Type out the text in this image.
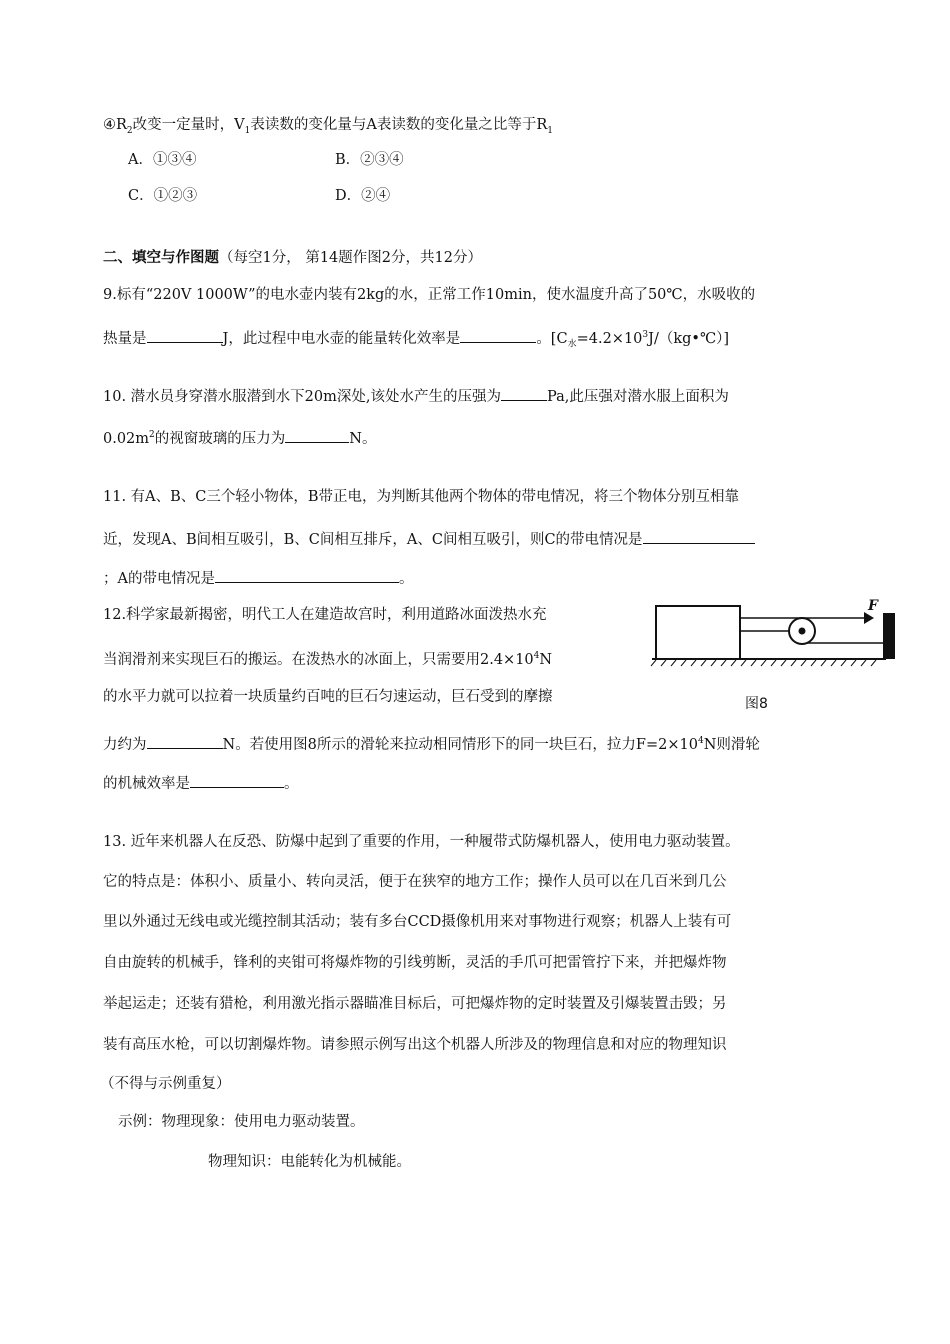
$④R_2$改变一定量时，$V_1$表读数的变化量与A表读数的变化量之比等于$R_1$
A．①③④	B．②③④
C．①②③	D．②④
二、填空与作图题（每空1分， 第14题作图2分，共12分）
9.标有“220V 1000W”的电水壶内装有2kg的水，正常工作10min，使水温度升高了50℃，水吸收的
热量是	J，此过程中电水壶的能量转化效率是	。$[C_水=4.2\times 10^3J/(kg•℃)]$
10. 潜水员身穿潜水服潜到水下20m深处,该处水产生的压强为	Pa,此压强对潜水服上面积为
$0.02m^2$的视窗玻璃的压力为	N。
11. 有A、B、C三个轻小物体，B带正电，为判断其他两个物体的带电情况，将三个物体分别互相靠
近，发现A、B间相互吸引，B、C间相互排斥，A、C间相互吸引，则C的带电情况是
；A的带电情况是	。
12.科学家最新揭密，明代工人在建造故宫时，利用道路冰面泼热水充
当润滑剂来实现巨石的搬运。在泼热水的冰面上，只需要用$2.4\times 10^4N$
的水平力就可以拉着一块质量约百吨的巨石匀速运动，巨石受到的摩擦
力约为	N。若使用图8所示的滑轮来拉动相同情形下的同一块巨石，拉力$F=2\times 10^4N$则滑轮
的机械效率是	。
F
图8
13. 近年来机器人在反恐、防爆中起到了重要的作用，一种履带式防爆机器人，使用电力驱动装置。
它的特点是：体积小、质量小、转向灵活，便于在狭窄的地方工作；操作人员可以在几百米到几公
里以外通过无线电或光缆控制其活动；装有多台CCD摄像机用来对事物进行观察；机器人上装有可
自由旋转的机械手，锋利的夹钳可将爆炸物的引线剪断，灵活的手爪可把雷管拧下来，并把爆炸物
举起运走；还装有猎枪，利用激光指示器瞄准目标后，可把爆炸物的定时装置及引爆装置击毁；另
装有高压水枪，可以切割爆炸物。请参照示例写出这个机器人所涉及的物理信息和对应的物理知识
（不得与示例重复）
示例：物理现象：使用电力驱动装置。
物理知识：电能转化为机械能。
